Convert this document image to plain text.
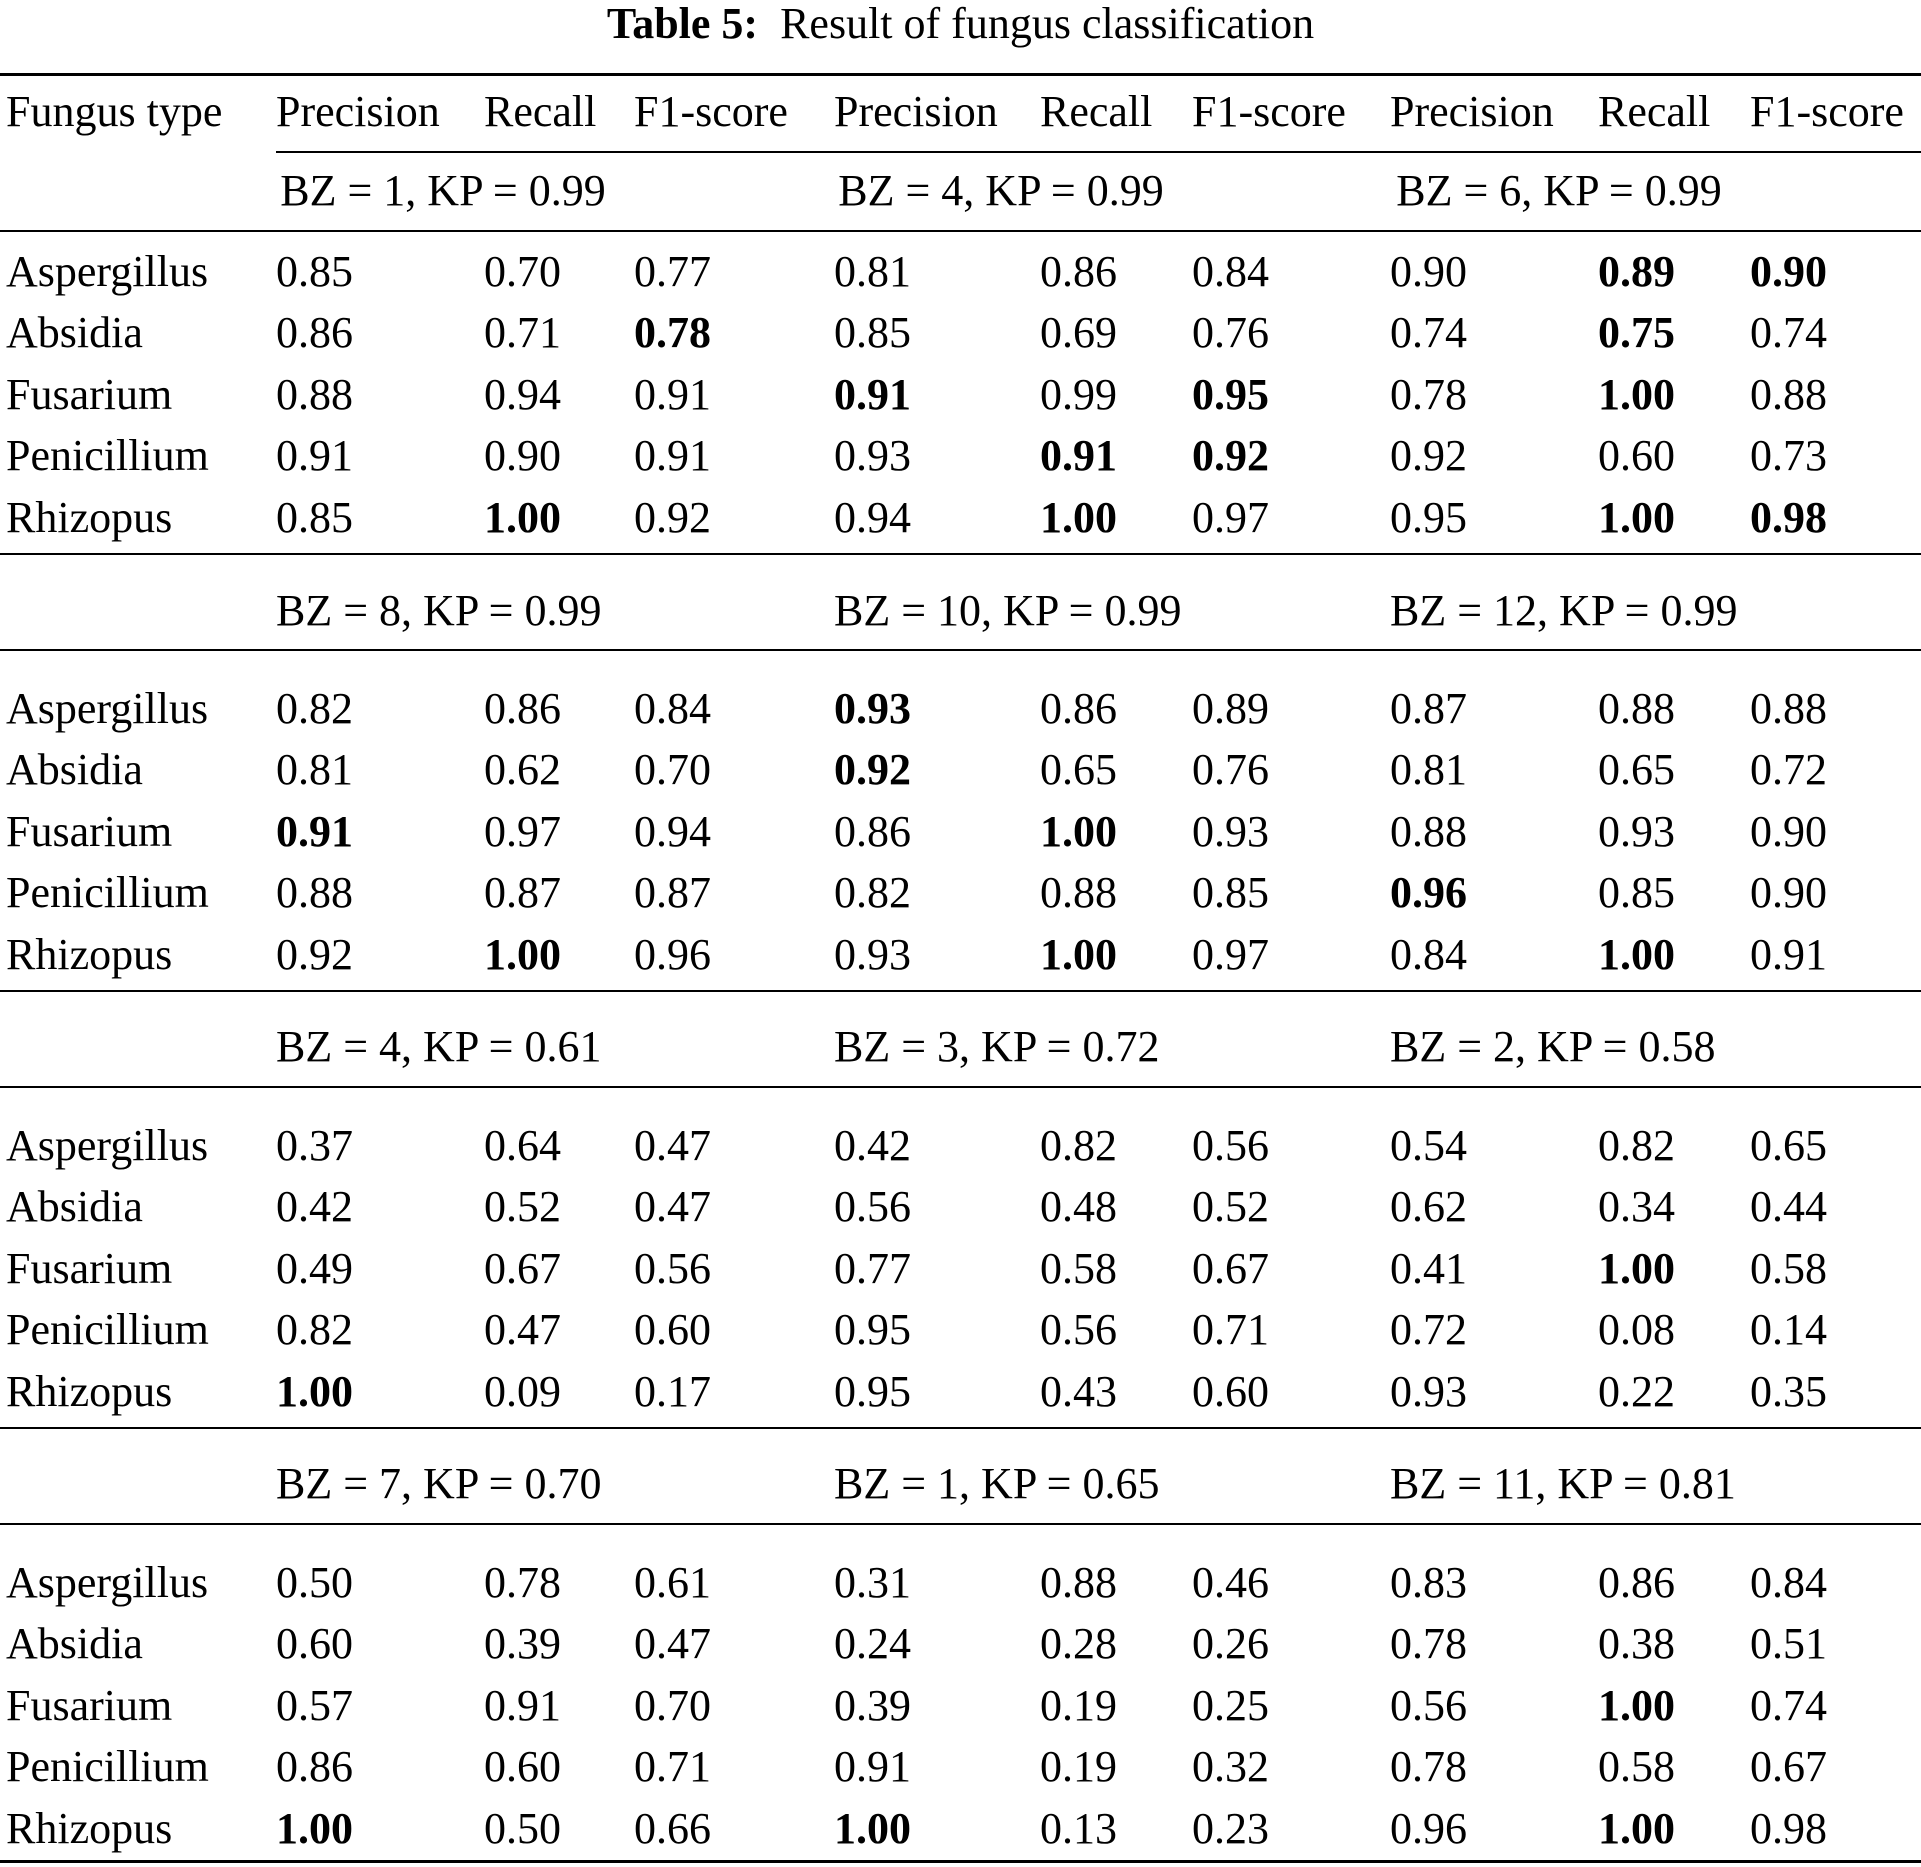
Table 5: Result of fungus classification
Fungus type Precision Recall F1-score Precision Recall F1-score Precision Recall F1-score
BZ = 1, KP = 0.99	BZ = 4, KP = 0.99	BZ = 6, KP = 0.99
Aspergillus 0.85	0.70 0.77	0.81	0.86 0.84	0.90	0.89 0.90
Absidia	0.86	0.71 0.78	0.85	0.69 0.76	0.74	0.75 0.74
Fusarium 0.88	0.94 0.91	0.91	0.99 0.95	0.78	1.00 0.88
Penicillium 0.91	0.90 0.91	0.93	0.91 0.92	0.92	0.60 0.73
Rhizopus 0.85	1.00 0.92	0.94	1.00 0.97	0.95	1.00 0.98
BZ = 8, KP = 0.99	BZ = 10, KP = 0.99	BZ = 12, KP = 0.99
Aspergillus 0.82	0.86 0.84	0.93	0.86 0.89	0.87	0.88 0.88
Absidia	0.81	0.62 0.70	0.92	0.65 0.76	0.81	0.65 0.72
Fusarium 0.91	0.97 0.94	0.86	1.00 0.93	0.88	0.93 0.90
Penicillium 0.88	0.87 0.87	0.82	0.88 0.85	0.96	0.85 0.90
Rhizopus 0.92	1.00 0.96	0.93	1.00 0.97	0.84	1.00 0.91
BZ = 4, KP = 0.61	BZ = 3, KP = 0.72	BZ = 2, KP = 0.58
Aspergillus 0.37	0.64 0.47	0.42	0.82 0.56	0.54	0.82 0.65
Absidia	0.42	0.52 0.47	0.56	0.48 0.52	0.62	0.34 0.44
Fusarium 0.49	0.67 0.56	0.77	0.58 0.67	0.41	1.00 0.58
Penicillium 0.82	0.47 0.60	0.95	0.56 0.71	0.72	0.08 0.14
Rhizopus 1.00	0.09 0.17	0.95	0.43 0.60	0.93	0.22 0.35
BZ = 7, KP = 0.70	BZ = 1, KP = 0.65	BZ = 11, KP = 0.81
Aspergillus 0.50	0.78 0.61	0.31	0.88 0.46	0.83	0.86 0.84
Absidia	0.60	0.39 0.47	0.24	0.28 0.26	0.78	0.38 0.51
Fusarium 0.57	0.91 0.70	0.39	0.19 0.25	0.56	1.00 0.74
Penicillium 0.86	0.60 0.71	0.91	0.19 0.32	0.78	0.58 0.67
Rhizopus 1.00	0.50 0.66	1.00	0.13 0.23	0.96	1.00 0.98
